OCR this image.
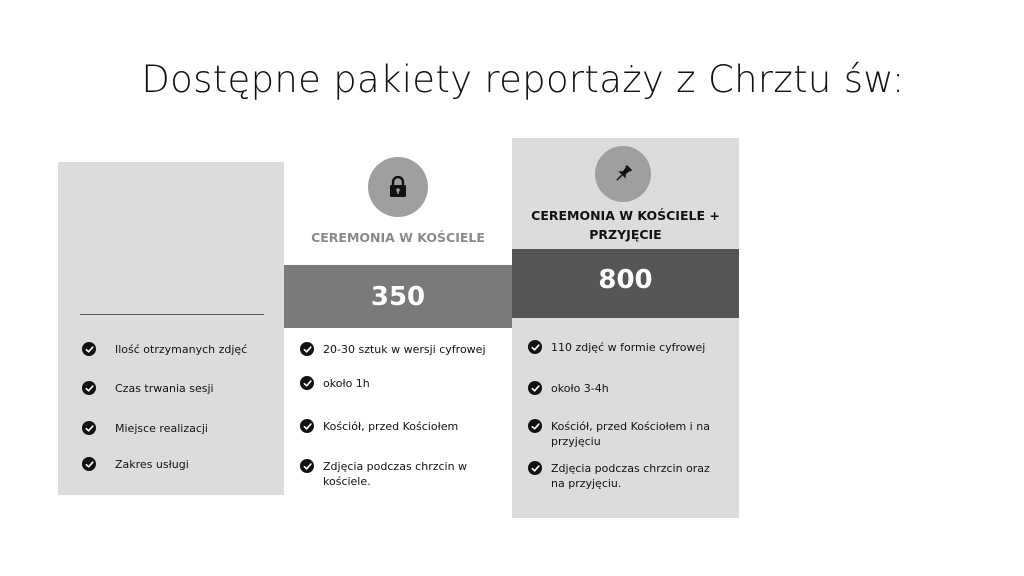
Dostępne pakiety reportaży z Chrztu św:
Ilość otrzymanych zdjęć
Czas trwania sesji
Miejsce realizacji
Zakres usługi
CEREMONIA W KOŚCIELE
350
20-30 sztuk w wersji cyfrowej
około 1h
Kościół, przed Kościołem
Zdjęcia podczas chrzcin w kościele.
CEREMONIA W KOŚCIELE +
PRZYJĘCIE
800
110 zdjęć w formie cyfrowej
około 3-4h
Kościół, przed Kościołem i na przyjęciu
Zdjęcia podczas chrzcin oraz na przyjęciu.
